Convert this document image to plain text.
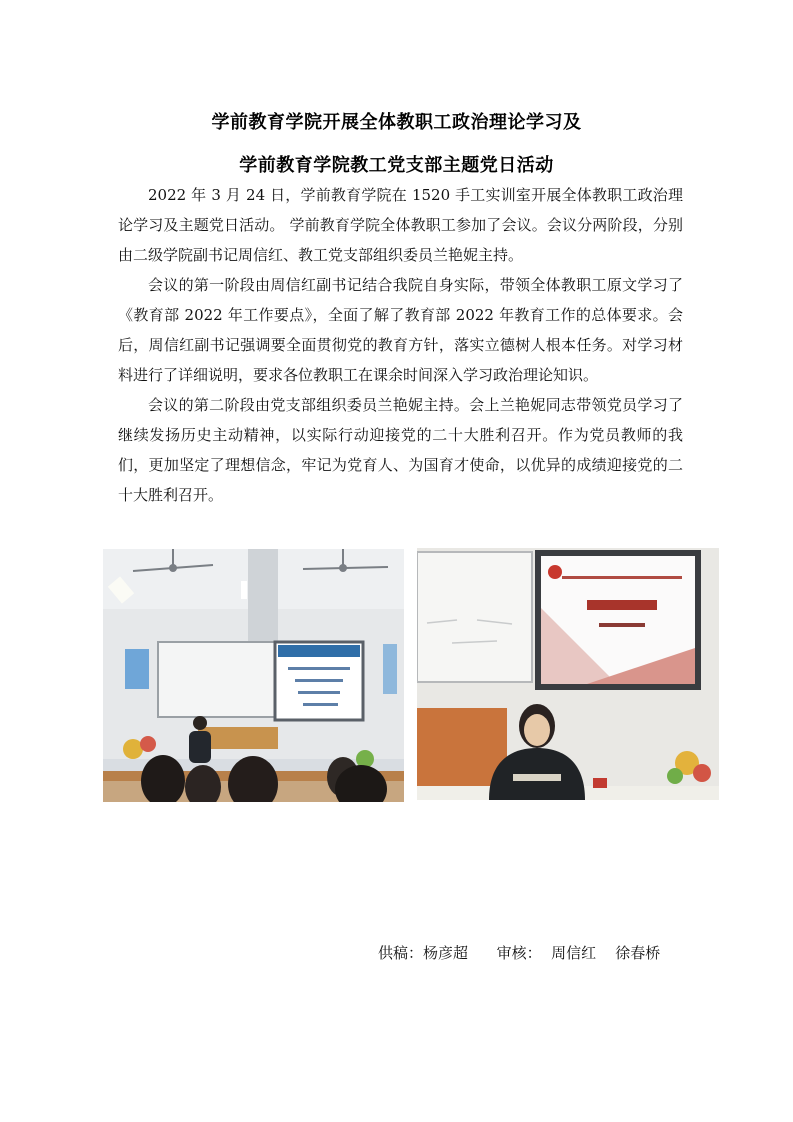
学前教育学院开展全体教职工政治理论学习及
学前教育学院教工党支部主题党日活动

2022 年 3 月 24 日，学前教育学院在 1520 手工实训室开展全体教职工政治理论学习及主题党日活动。 学前教育学院全体教职工参加了会议。会议分两阶段，分别由二级学院副书记周信红、教工党支部组织委员兰艳妮主持。

会议的第一阶段由周信红副书记结合我院自身实际，带领全体教职工原文学习了《教育部 2022 年工作要点》，全面了解了教育部 2022 年教育工作的总体要求。会后，周信红副书记强调要全面贯彻党的教育方针，落实立德树人根本任务。对学习材料进行了详细说明，要求各位教职工在课余时间深入学习政治理论知识。

会议的第二阶段由党支部组织委员兰艳妮主持。会上兰艳妮同志带领党员学习了继续发扬历史主动精神，以实际行动迎接党的二十大胜利召开。作为党员教师的我们，更加坚定了理想信念，牢记为党育人、为国育才使命，以优异的成绩迎接党的二十大胜利召开。

供稿：杨彦超      审核：  周信红    徐春桥
